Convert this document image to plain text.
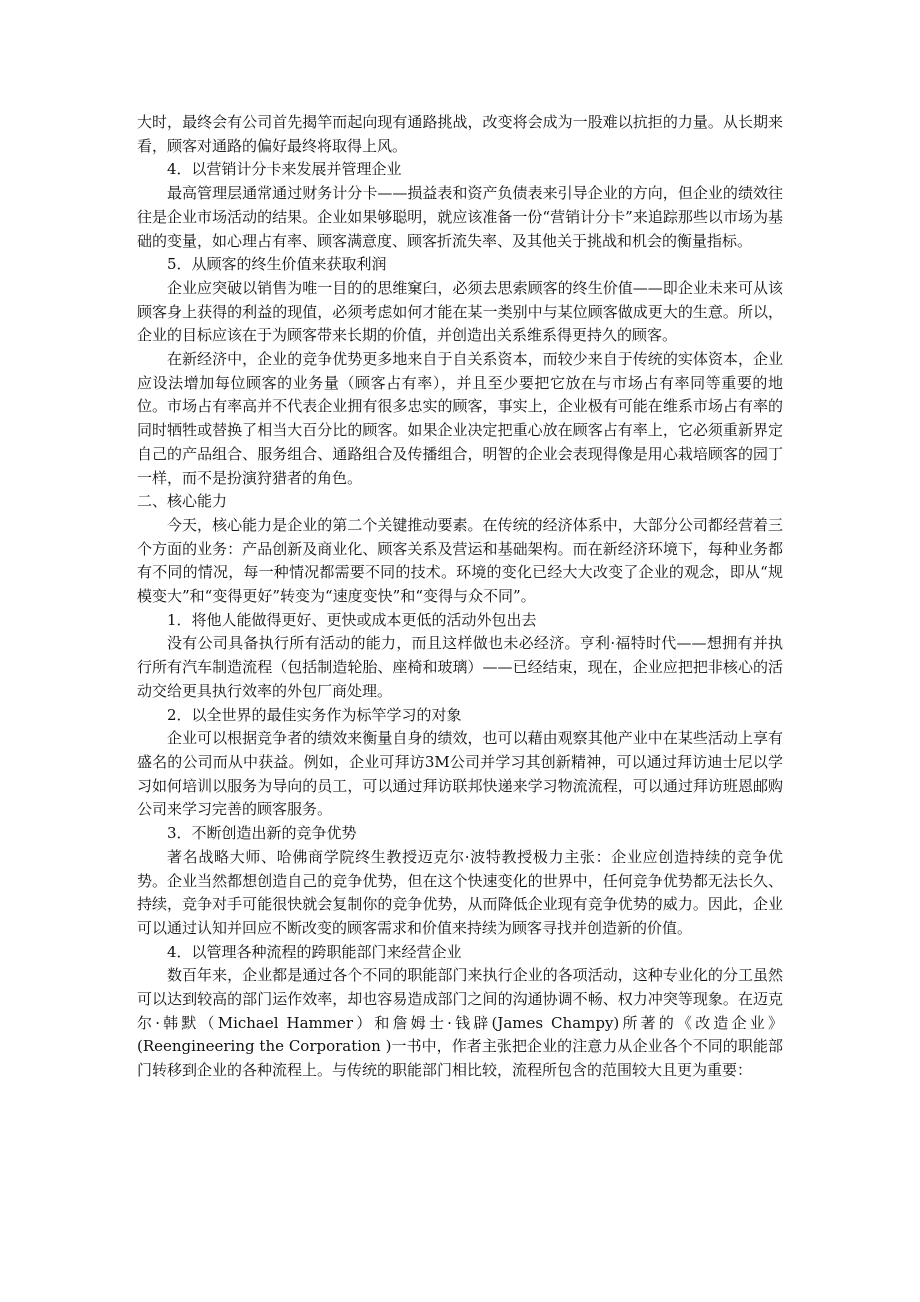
大时，最终会有公司首先揭竿而起向现有通路挑战，改变将会成为一股难以抗拒的力量。从长期来看，顾客对通路的偏好最终将取得上风。

4．以营销计分卡来发展并管理企业

最高管理层通常通过财务计分卡——损益表和资产负债表来引导企业的方向，但企业的绩效往往是企业市场活动的结果。企业如果够聪明，就应该准备一份“营销计分卡”来追踪那些以市场为基础的变量，如心理占有率、顾客满意度、顾客折流失率、及其他关于挑战和机会的衡量指标。

5．从顾客的终生价值来获取利润

企业应突破以销售为唯一目的的思维窠臼，必须去思索顾客的终生价值——即企业未来可从该顾客身上获得的利益的现值，必须考虑如何才能在某一类别中与某位顾客做成更大的生意。所以，企业的目标应该在于为顾客带来长期的价值，并创造出关系维系得更持久的顾客。

在新经济中，企业的竞争优势更多地来自于自关系资本，而较少来自于传统的实体资本，企业应设法增加每位顾客的业务量（顾客占有率），并且至少要把它放在与市场占有率同等重要的地位。市场占有率高并不代表企业拥有很多忠实的顾客，事实上，企业极有可能在维系市场占有率的同时牺牲或替换了相当大百分比的顾客。如果企业决定把重心放在顾客占有率上，它必须重新界定自己的产品组合、服务组合、通路组合及传播组合，明智的企业会表现得像是用心栽培顾客的园丁一样，而不是扮演狩猎者的角色。

二、核心能力

今天，核心能力是企业的第二个关键推动要素。在传统的经济体系中，大部分公司都经营着三个方面的业务：产品创新及商业化、顾客关系及营运和基础架构。而在新经济环境下，每种业务都有不同的情况，每一种情况都需要不同的技术。环境的变化已经大大改变了企业的观念，即从“规模变大”和“变得更好”转变为“速度变快”和“变得与众不同”。

1．将他人能做得更好、更快或成本更低的活动外包出去

没有公司具备执行所有活动的能力，而且这样做也未必经济。亨利·福特时代——想拥有并执行所有汽车制造流程（包括制造轮胎、座椅和玻璃）——已经结束，现在，企业应把把非核心的活动交给更具执行效率的外包厂商处理。

2．以全世界的最佳实务作为标竿学习的对象

企业可以根据竞争者的绩效来衡量自身的绩效，也可以藉由观察其他产业中在某些活动上享有盛名的公司而从中获益。例如，企业可拜访3M公司并学习其创新精神，可以通过拜访迪士尼以学习如何培训以服务为导向的员工，可以通过拜访联邦快递来学习物流流程，可以通过拜访班恩邮购公司来学习完善的顾客服务。

3．不断创造出新的竞争优势

著名战略大师、哈佛商学院终生教授迈克尔·波特教授极力主张：企业应创造持续的竞争优势。企业当然都想创造自己的竞争优势，但在这个快速变化的世界中，任何竞争优势都无法长久、持续，竞争对手可能很快就会复制你的竞争优势，从而降低企业现有竞争优势的威力。因此，企业可以通过认知并回应不断改变的顾客需求和价值来持续为顾客寻找并创造新的价值。

4．以管理各种流程的跨职能部门来经营企业

数百年来，企业都是通过各个不同的职能部门来执行企业的各项活动，这种专业化的分工虽然可以达到较高的部门运作效率，却也容易造成部门之间的沟通协调不畅、权力冲突等现象。在迈克尔·韩默（Michael Hammer）和詹姆士·钱辟(James Champy)所著的《改造企业》(Reengineering the Corporation )一书中，作者主张把企业的注意力从企业各个不同的职能部门转移到企业的各种流程上。与传统的职能部门相比较，流程所包含的范围较大且更为重要：
